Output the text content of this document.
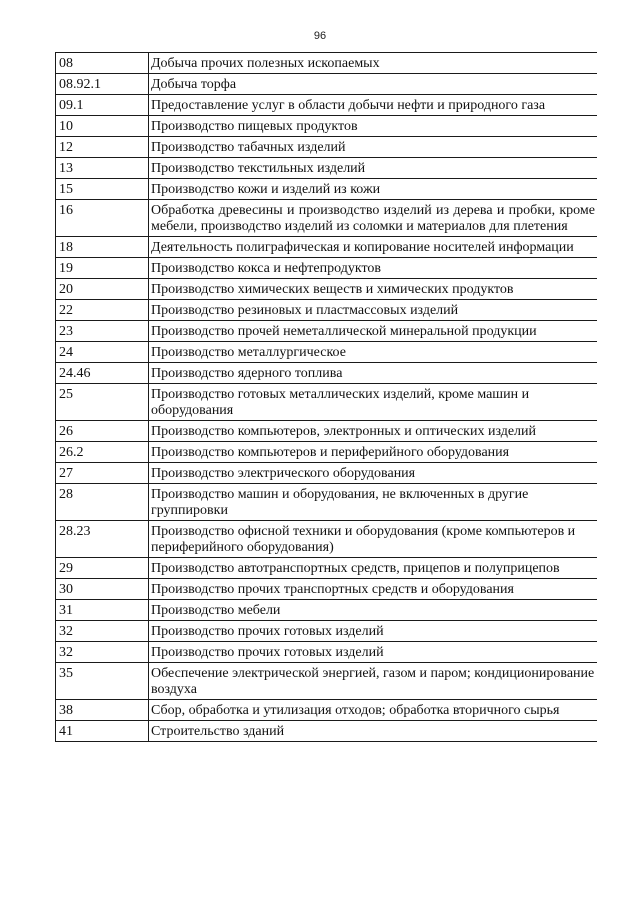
96
08	Добыча прочих полезных ископаемых
08.92.1	Добыча торфа
09.1	Предоставление услуг в области добычи нефти и природного газа
10	Производство пищевых продуктов
12	Производство табачных изделий
13	Производство текстильных изделий
15	Производство кожи и изделий из кожи
16	Обработка древесины и производство изделий из дерева и пробки, кроме мебели, производство изделий из соломки и материалов для плетения
18	Деятельность полиграфическая и копирование носителей информации
19	Производство кокса и нефтепродуктов
20	Производство химических веществ и химических продуктов
22	Производство резиновых и пластмассовых изделий
23	Производство прочей неметаллической минеральной продукции
24	Производство металлургическое
24.46	Производство ядерного топлива
25	Производство готовых металлических изделий, кроме машин и оборудования
26	Производство компьютеров, электронных и оптических изделий
26.2	Производство компьютеров и периферийного оборудования
27	Производство электрического оборудования
28	Производство машин и оборудования, не включенных в другие группировки
28.23	Производство офисной техники и оборудования (кроме компьютеров и периферийного оборудования)
29	Производство автотранспортных средств, прицепов и полуприцепов
30	Производство прочих транспортных средств и оборудования
31	Производство мебели
32	Производство прочих готовых изделий
32	Производство прочих готовых изделий
35	Обеспечение электрической энергией, газом и паром; кондиционирование воздуха
38	Сбор, обработка и утилизация отходов; обработка вторичного сырья
41	Строительство зданий
